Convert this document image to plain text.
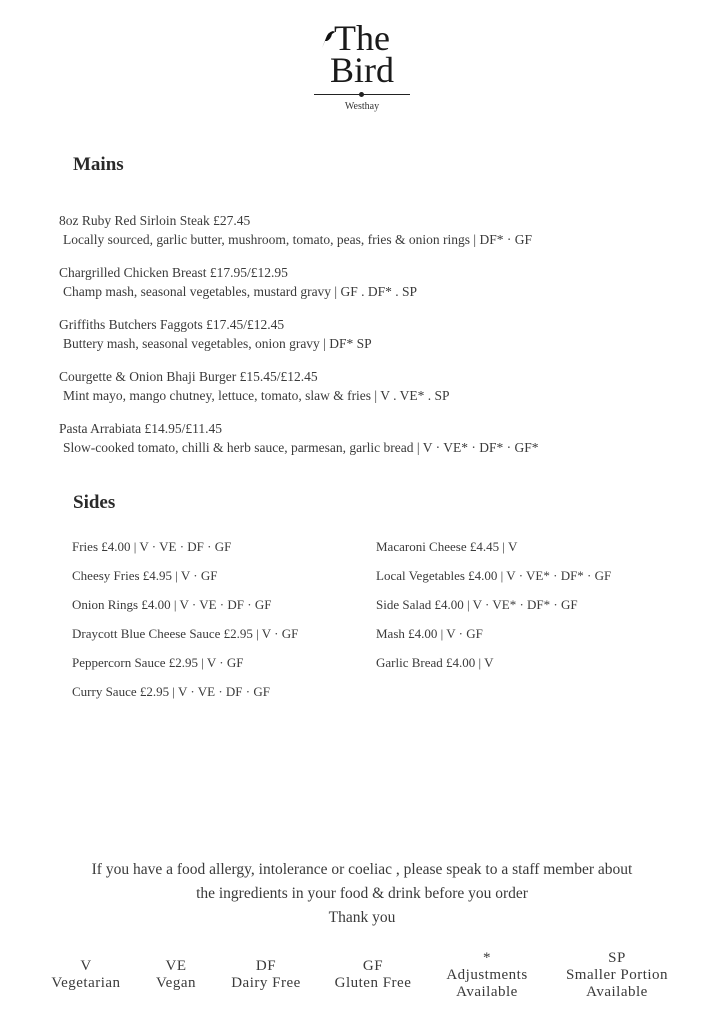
The
Bird
Westhay
Mains
8oz Ruby Red Sirloin Steak £27.45
Locally sourced, garlic butter, mushroom, tomato, peas, fries & onion rings | DF* · GF
Chargrilled Chicken Breast £17.95/£12.95
Champ mash, seasonal vegetables, mustard gravy | GF . DF* . SP
Griffiths Butchers Faggots £17.45/£12.45
Buttery mash, seasonal vegetables, onion gravy | DF* SP
Courgette & Onion Bhaji Burger £15.45/£12.45
Mint mayo, mango chutney, lettuce, tomato, slaw & fries | V . VE* . SP
Pasta Arrabiata £14.95/£11.45
Slow-cooked tomato, chilli & herb sauce, parmesan, garlic bread | V · VE* · DF* · GF*
Sides
Fries £4.00 | V · VE · DF · GF
Cheesy Fries £4.95 | V · GF
Onion Rings £4.00 | V · VE · DF · GF
Draycott Blue Cheese Sauce £2.95 | V · GF
Peppercorn Sauce £2.95 | V · GF
Curry Sauce £2.95 | V · VE · DF · GF
Macaroni Cheese £4.45 | V
Local Vegetables £4.00 | V · VE* · DF* · GF
Side Salad £4.00 | V · VE* · DF* · GF
Mash £4.00 | V · GF
Garlic Bread £4.00 | V
If you have a food allergy, intolerance or coeliac , please speak to a staff member about
the ingredients in your food & drink before you order
Thank you
V
Vegetarian
VE
Vegan
DF
Dairy Free
GF
Gluten Free
*
Adjustments
Available
SP
Smaller Portion
Available
